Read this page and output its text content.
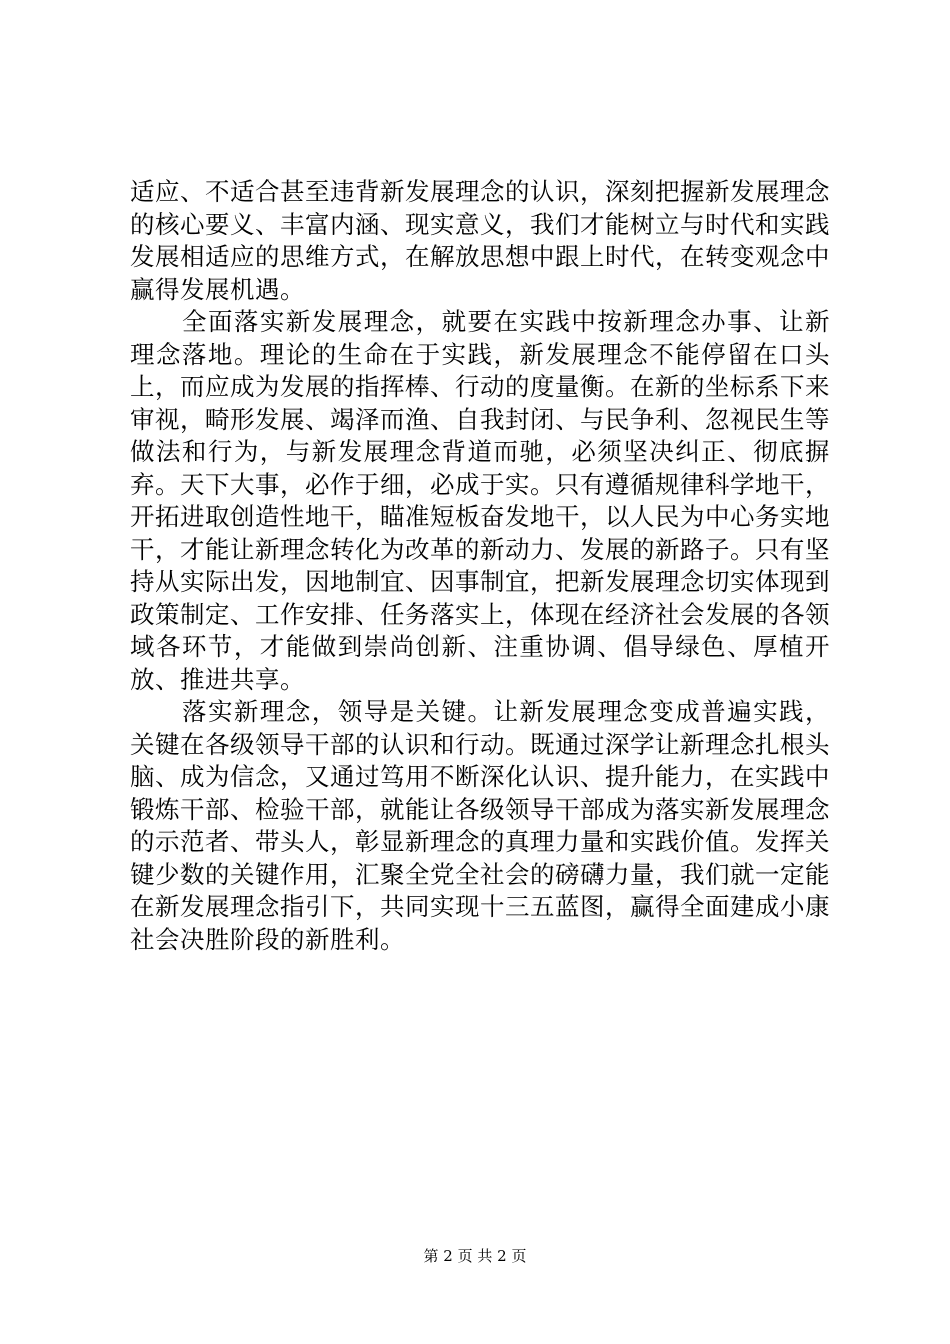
适应、不适合甚至违背新发展理念的认识，深刻把握新发展理念的核心要义、丰富内涵、现实意义，我们才能树立与时代和实践发展相适应的思维方式，在解放思想中跟上时代，在转变观念中赢得发展机遇。

全面落实新发展理念，就要在实践中按新理念办事、让新理念落地。理论的生命在于实践，新发展理念不能停留在口头上，而应成为发展的指挥棒、行动的度量衡。在新的坐标系下来审视，畸形发展、竭泽而渔、自我封闭、与民争利、忽视民生等做法和行为，与新发展理念背道而驰，必须坚决纠正、彻底摒弃。天下大事，必作于细，必成于实。只有遵循规律科学地干，开拓进取创造性地干，瞄准短板奋发地干，以人民为中心务实地干，才能让新理念转化为改革的新动力、发展的新路子。只有坚持从实际出发，因地制宜、因事制宜，把新发展理念切实体现到政策制定、工作安排、任务落实上，体现在经济社会发展的各领域各环节，才能做到崇尚创新、注重协调、倡导绿色、厚植开放、推进共享。

落实新理念，领导是关键。让新发展理念变成普遍实践，关键在各级领导干部的认识和行动。既通过深学让新理念扎根头脑、成为信念，又通过笃用不断深化认识、提升能力，在实践中锻炼干部、检验干部，就能让各级领导干部成为落实新发展理念的示范者、带头人，彰显新理念的真理力量和实践价值。发挥关键少数的关键作用，汇聚全党全社会的磅礴力量，我们就一定能在新发展理念指引下，共同实现十三五蓝图，赢得全面建成小康社会决胜阶段的新胜利。

第 2 页 共 2 页
